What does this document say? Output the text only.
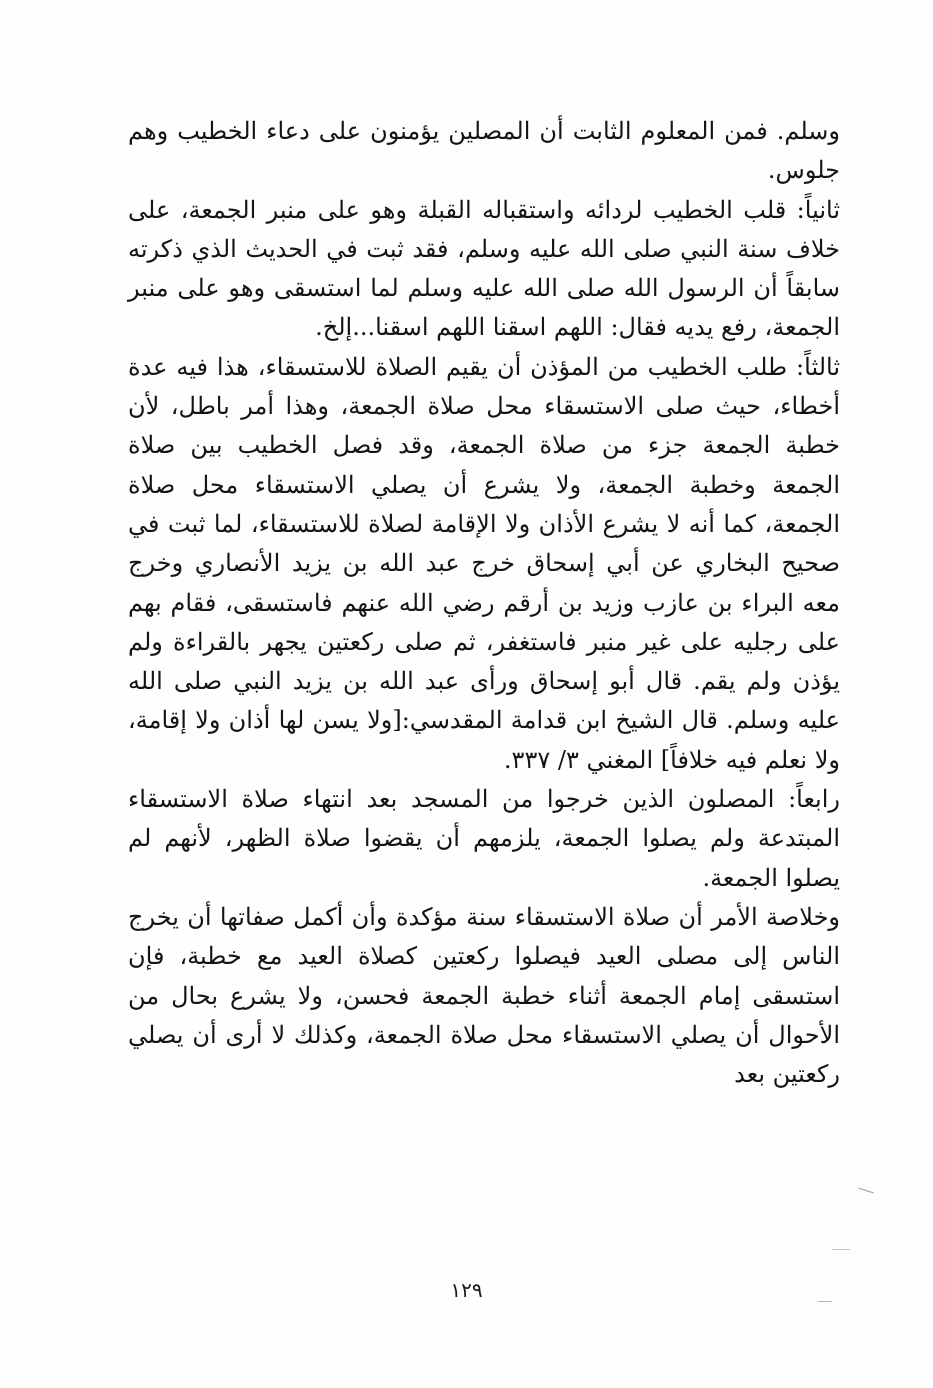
وسلم. فمن المعلوم الثابت أن المصلين يؤمنون على دعاء الخطيب وهم جلوس.

ثانياً: قلب الخطيب لردائه واستقباله القبلة وهو على منبر الجمعة، على خلاف سنة النبي صلى الله عليه وسلم، فقد ثبت في الحديث الذي ذكرته سابقاً أن الرسول الله صلى الله عليه وسلم لما استسقى وهو على منبر الجمعة، رفع يديه فقال: اللهم اسقنا اللهم اسقنا...إلخ.

ثالثاً: طلب الخطيب من المؤذن أن يقيم الصلاة للاستسقاء، هذا فيه عدة أخطاء، حيث صلى الاستسقاء محل صلاة الجمعة، وهذا أمر باطل، لأن خطبة الجمعة جزء من صلاة الجمعة، وقد فصل الخطيب بين صلاة الجمعة وخطبة الجمعة، ولا يشرع أن يصلي الاستسقاء محل صلاة الجمعة، كما أنه لا يشرع الأذان ولا الإقامة لصلاة للاستسقاء، لما ثبت في صحيح البخاري عن أبي إسحاق خرج عبد الله بن يزيد الأنصاري وخرج معه البراء بن عازب وزيد بن أرقم رضي الله عنهم فاستسقى، فقام بهم على رجليه على غير منبر فاستغفر، ثم صلى ركعتين يجهر بالقراءة ولم يؤذن ولم يقم. قال أبو إسحاق ورأى عبد الله بن يزيد النبي صلى الله عليه وسلم. قال الشيخ ابن قدامة المقدسي:[ولا يسن لها أذان ولا إقامة، ولا نعلم فيه خلافاً] المغني ٣/ ٣٣٧.

رابعاً: المصلون الذين خرجوا من المسجد بعد انتهاء صلاة الاستسقاء المبتدعة ولم يصلوا الجمعة، يلزمهم أن يقضوا صلاة الظهر، لأنهم لم يصلوا الجمعة.

وخلاصة الأمر أن صلاة الاستسقاء سنة مؤكدة وأن أكمل صفاتها أن يخرج الناس إلى مصلى العيد فيصلوا ركعتين كصلاة العيد مع خطبة، فإن استسقى إمام الجمعة أثناء خطبة الجمعة فحسن، ولا يشرع بحال من الأحوال أن يصلي الاستسقاء محل صلاة الجمعة، وكذلك لا أرى أن يصلي ركعتين بعد

١٢٩
